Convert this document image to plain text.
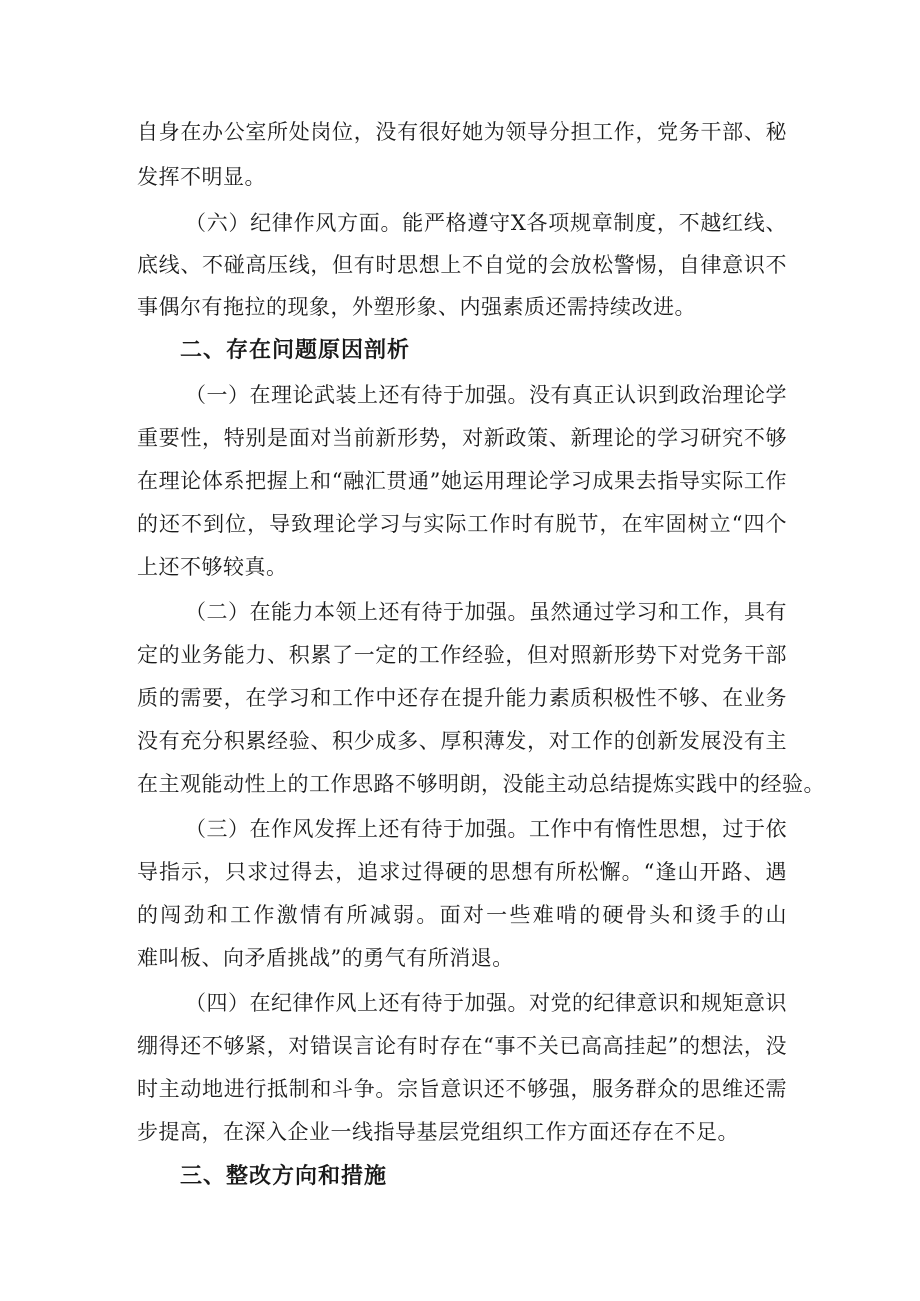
自身在办公室所处岗位，没有很好她为领导分担工作，党务干部、秘
发挥不明显。
（六）纪律作风方面。能严格遵守X各项规章制度，不越红线、
底线、不碰高压线，但有时思想上不自觉的会放松警惕，自律意识不
事偶尔有拖拉的现象，外塑形象、内强素质还需持续改进。
二、存在问题原因剖析
（一）在理论武装上还有待于加强。没有真正认识到政治理论学
重要性，特别是面对当前新形势，对新政策、新理论的学习研究不够
在理论体系把握上和“融汇贯通”她运用理论学习成果去指导实际工作
的还不到位，导致理论学习与实际工作时有脱节，在牢固树立“四个
上还不够较真。
（二）在能力本领上还有待于加强。虽然通过学习和工作，具有
定的业务能力、积累了一定的工作经验，但对照新形势下对党务干部
质的需要，在学习和工作中还存在提升能力素质积极性不够、在业务
没有充分积累经验、积少成多、厚积薄发，对工作的创新发展没有主
在主观能动性上的工作思路不够明朗，没能主动总结提炼实践中的经验。
（三）在作风发挥上还有待于加强。工作中有惰性思想，过于依
导指示，只求过得去，追求过得硬的思想有所松懈。“逢山开路、遇
的闯劲和工作激情有所减弱。面对一些难啃的硬骨头和烫手的山
难叫板、向矛盾挑战”的勇气有所消退。
（四）在纪律作风上还有待于加强。对党的纪律意识和规矩意识
绷得还不够紧，对错误言论有时存在“事不关已高高挂起”的想法，没
时主动地进行抵制和斗争。宗旨意识还不够强，服务群众的思维还需
步提高，在深入企业一线指导基层党组织工作方面还存在不足。
三、整改方向和措施
